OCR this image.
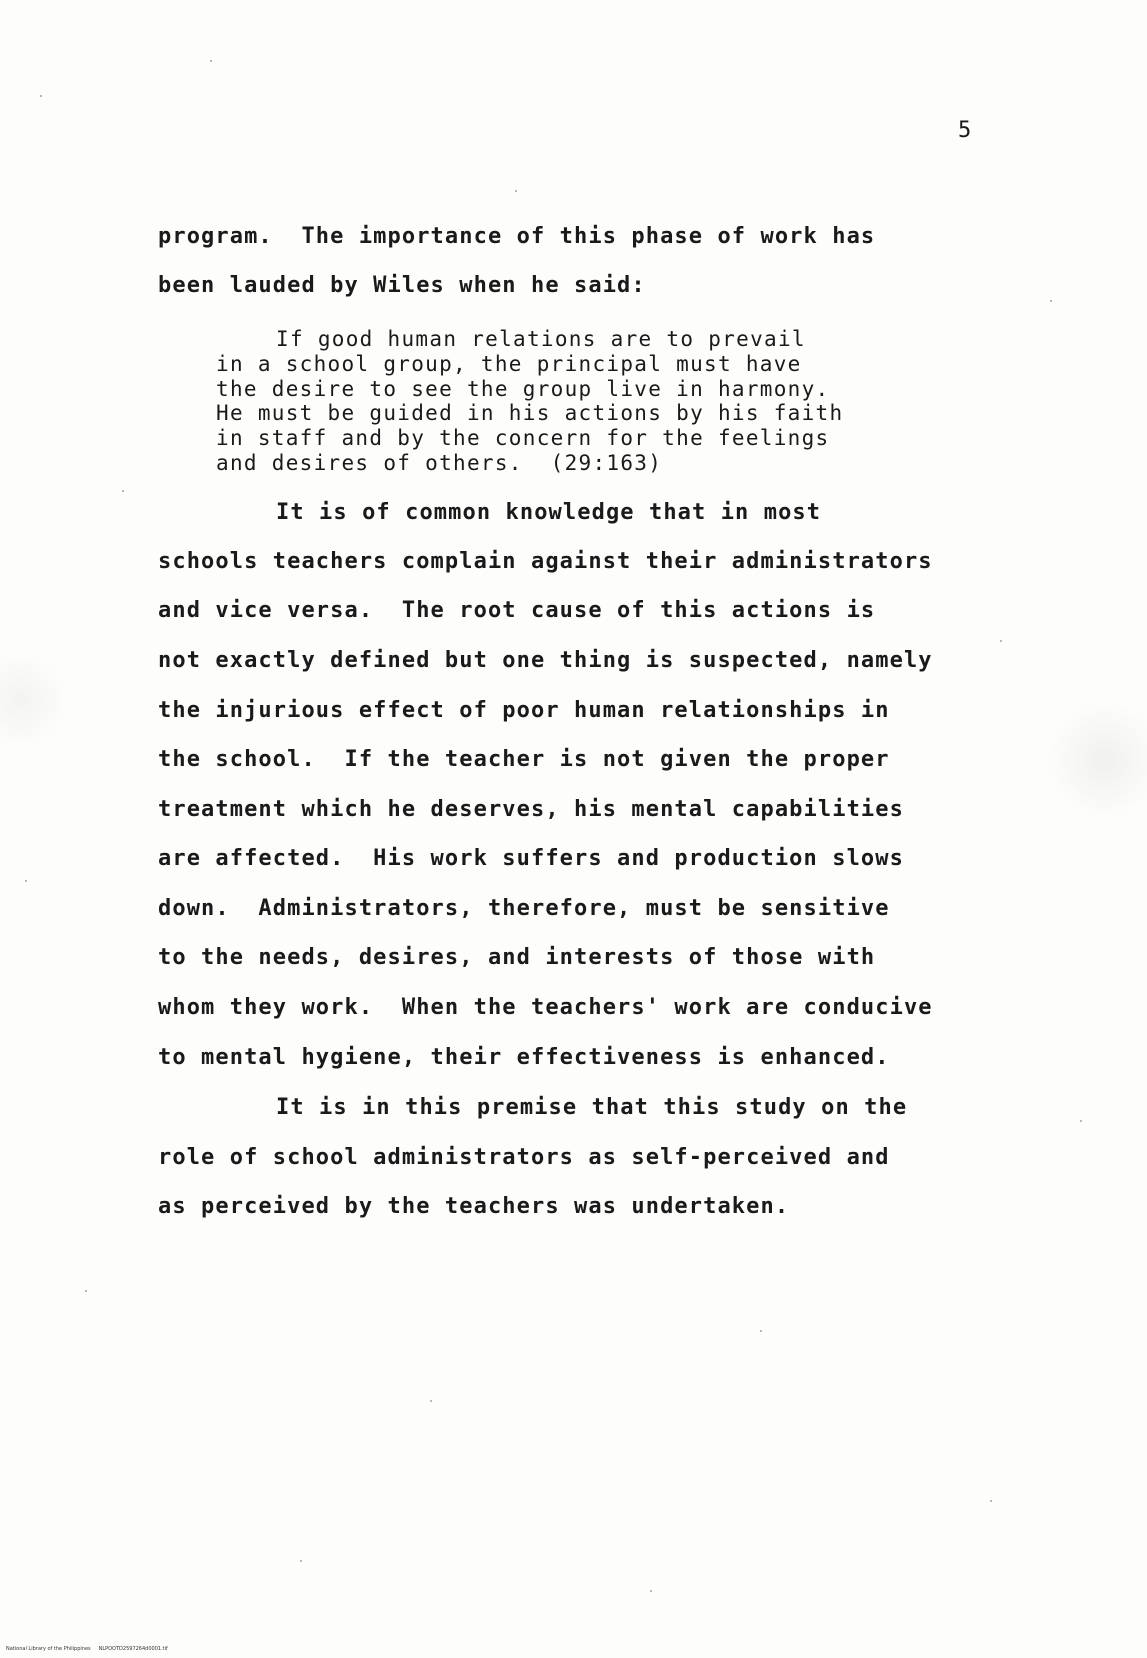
5
program.  The importance of this phase of work has
been lauded by Wiles when he said:
If good human relations are to prevail
in a school group, the principal must have
the desire to see the group live in harmony.
He must be guided in his actions by his faith
in staff and by the concern for the feelings
and desires of others.  (29:163)
It is of common knowledge that in most
schools teachers complain against their administrators
and vice versa.  The root cause of this actions is
not exactly defined but one thing is suspected, namely
the injurious effect of poor human relationships in
the school.  If the teacher is not given the proper
treatment which he deserves, his mental capabilities
are affected.  His work suffers and production slows
down.  Administrators, therefore, must be sensitive
to the needs, desires, and interests of those with
whom they work.  When the teachers' work are conducive
to mental hygiene, their effectiveness is enhanced.
It is in this premise that this study on the
role of school administrators as self-perceived and
as perceived by the teachers was undertaken.
National Library of the Philippines     NLPOOTD2597264d0001.tif
